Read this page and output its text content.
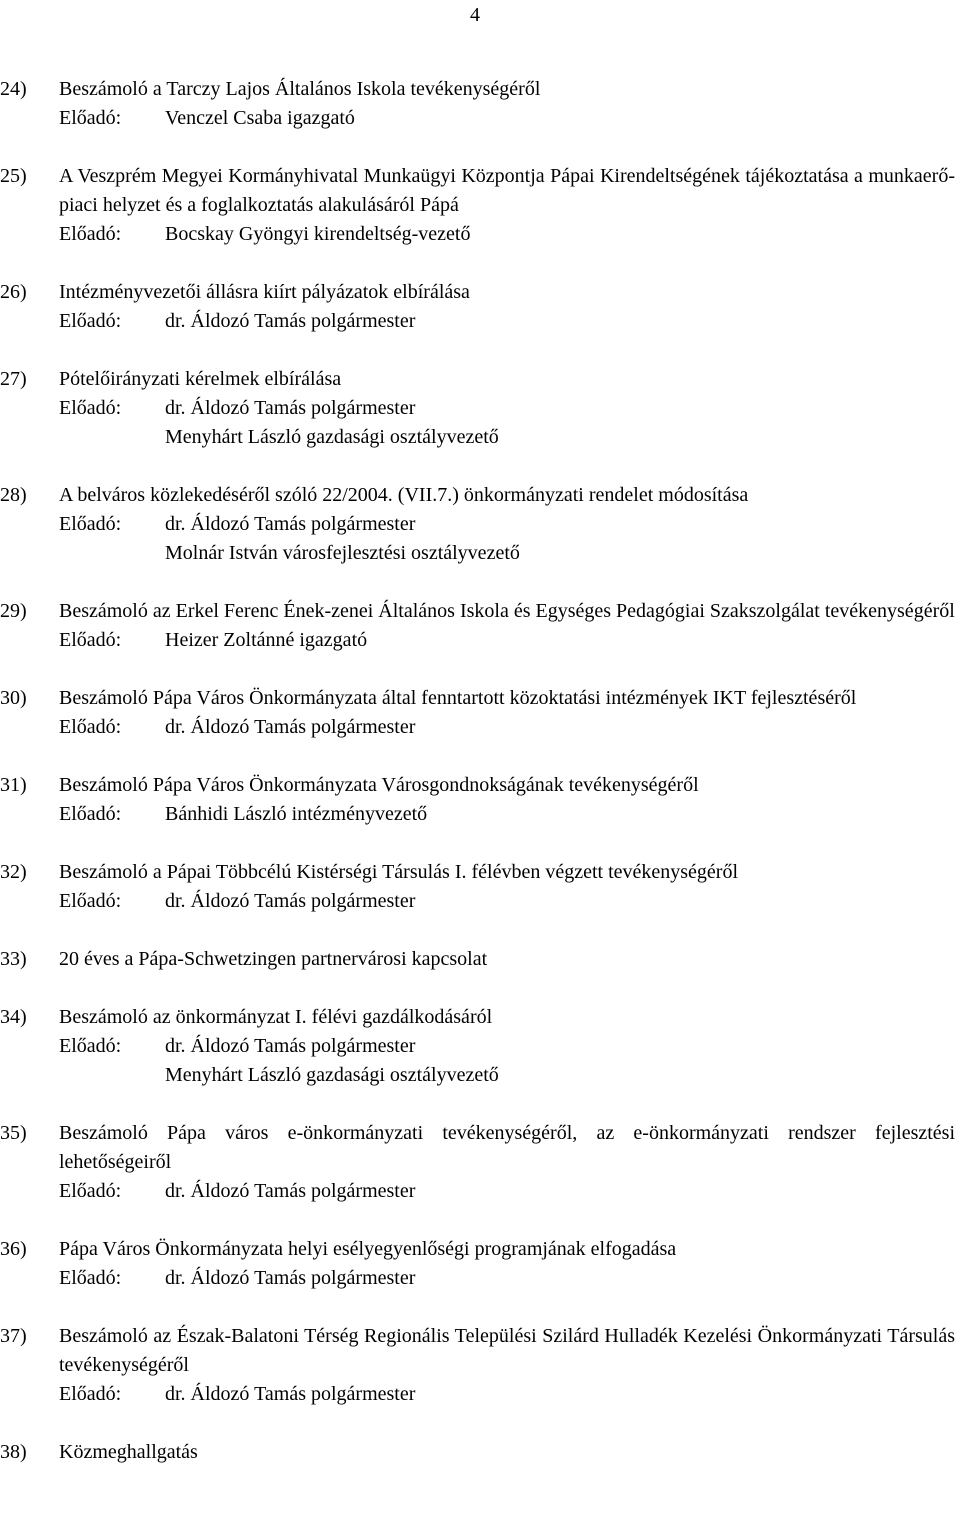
4
24)	Beszámoló a Tarczy Lajos Általános Iskola tevékenységéről
Előadó:	Venczel Csaba igazgató
25)	A Veszprém Megyei Kormányhivatal Munkaügyi Központja Pápai Kirendeltségének tájékoztatása a munkaerő-piaci helyzet és a foglalkoztatás alakulásáról Pápá
Előadó:	Bocskay Gyöngyi kirendeltség-vezető
26)	Intézményvezetői állásra kiírt pályázatok elbírálása
Előadó:	dr. Áldozó Tamás polgármester
27)	Pótelőirányzati kérelmek elbírálása
Előadó:	dr. Áldozó Tamás polgármester
Menyhárt László gazdasági osztályvezető
28)	A belváros közlekedéséről szóló 22/2004. (VII.7.) önkormányzati rendelet módosítása
Előadó:	dr. Áldozó Tamás polgármester
Molnár István városfejlesztési osztályvezető
29)	Beszámoló az Erkel Ferenc Ének-zenei Általános Iskola és Egységes Pedagógiai Szakszolgálat tevékenységéről
Előadó:	Heizer Zoltánné igazgató
30)	Beszámoló Pápa Város Önkormányzata által fenntartott közoktatási intézmények IKT fejlesztéséről
Előadó:	dr. Áldozó Tamás polgármester
31)	Beszámoló Pápa Város Önkormányzata Városgondnokságának tevékenységéről
Előadó:	Bánhidi László intézményvezető
32)	Beszámoló a Pápai Többcélú Kistérségi Társulás I. félévben végzett tevékenységéről
Előadó:	dr. Áldozó Tamás polgármester
33)	20 éves a Pápa-Schwetzingen partnervárosi kapcsolat
34)	Beszámoló az önkormányzat I. félévi gazdálkodásáról
Előadó:	dr. Áldozó Tamás polgármester
Menyhárt László gazdasági osztályvezető
35)	Beszámoló Pápa város e-önkormányzati tevékenységéről, az e-önkormányzati rendszer fejlesztési lehetőségeiről
Előadó:	dr. Áldozó Tamás polgármester
36)	Pápa Város Önkormányzata helyi esélyegyenlőségi programjának elfogadása
Előadó:	dr. Áldozó Tamás polgármester
37)	Beszámoló az Észak-Balatoni Térség Regionális Települési Szilárd Hulladék Kezelési Önkormányzati Társulás tevékenységéről
Előadó:	dr. Áldozó Tamás polgármester
38)	Közmeghallgatás
